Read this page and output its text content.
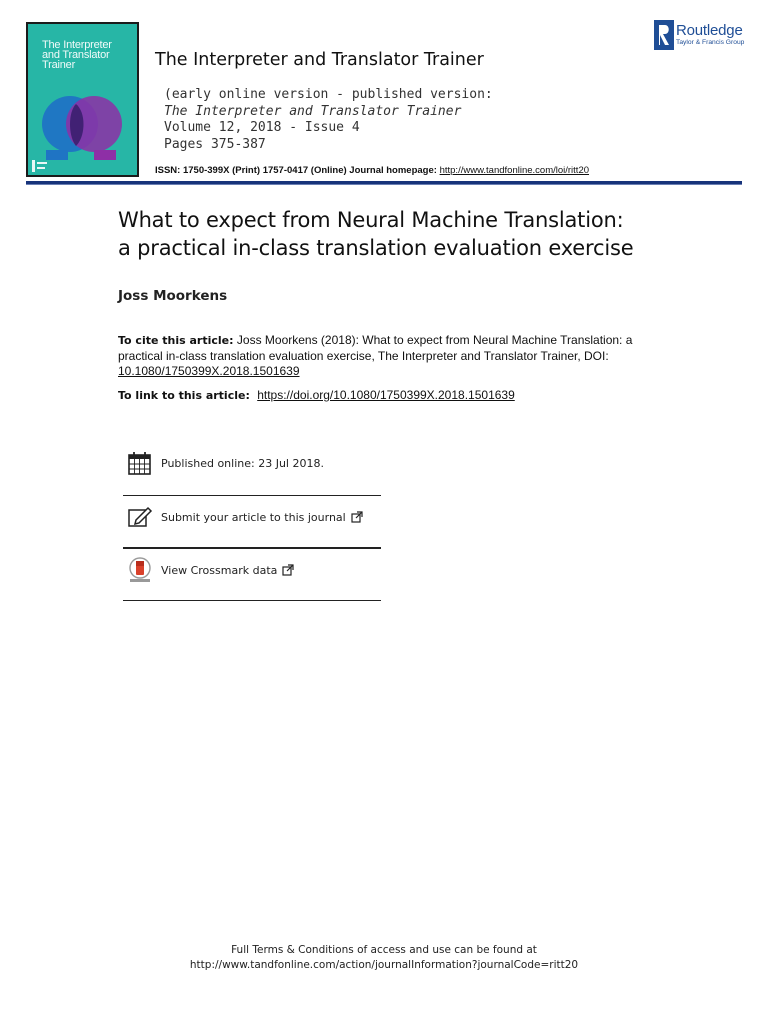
The Interpreter
and Translator
Trainer	The Interpreter and Translator Trainer
(early online version - published version:
The Interpreter and Translator Trainer
Volume 12, 2018 - Issue 4
Pages 375-387
ISSN: 1750-399X (Print) 1757-0417 (Online) Journal homepage: http://www.tandfonline.com/loi/ritt20
Routledge
Taylor & Francis Group
What to expect from Neural Machine Translation:
a practical in-class translation evaluation exercise
Joss Moorkens
To cite this article: Joss Moorkens (2018): What to expect from Neural Machine Translation: a practical in-class translation evaluation exercise, The Interpreter and Translator Trainer, DOI:
10.1080/1750399X.2018.1501639
To link to this article: https://doi.org/10.1080/1750399X.2018.1501639
Published online: 23 Jul 2018.
Submit your article to this journal
View Crossmark data
Full Terms & Conditions of access and use can be found at
http://www.tandfonline.com/action/journalInformation?journalCode=ritt20
